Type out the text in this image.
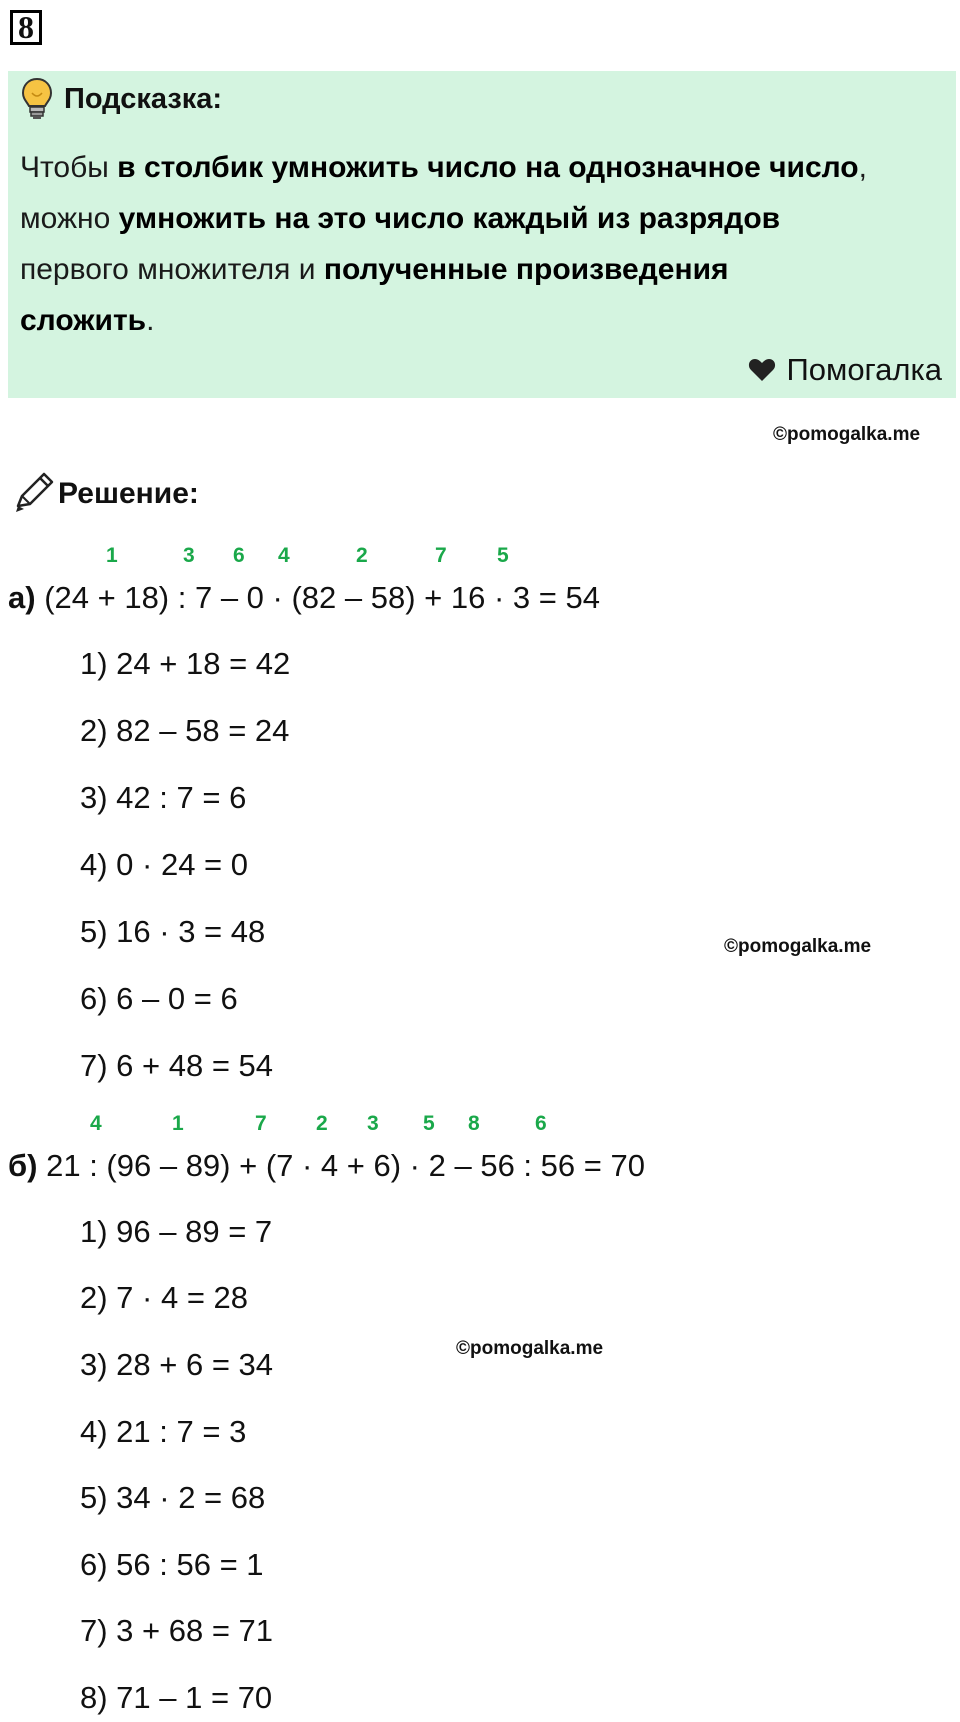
8
Подсказка:
Чтобы в столбик умножить число на однозначное число,
можно умножить на это число каждый из разрядов
первого множителя и полученные произведения
сложить.
Помогалка
©pomogalka.me
Решение:
1	3 6 4	2	7 5
а) (24 + 18) : 7 – 0 · (82 – 58) + 16 · 3 = 54
1) 24 + 18 = 42
2) 82 – 58 = 24
3) 42 : 7 = 6
4) 0 · 24 = 0
5) 16 · 3 = 48
6) 6 – 0 = 6
7) 6 + 48 = 54
©pomogalka.me
4	1	7 2 3 5 8	6
б) 21 : (96 – 89) + (7 · 4 + 6) · 2 – 56 : 56 = 70
1) 96 – 89 = 7
2) 7 · 4 = 28
3) 28 + 6 = 34
4) 21 : 7 = 3
5) 34 · 2 = 68
6) 56 : 56 = 1
7) 3 + 68 = 71
8) 71 – 1 = 70
©pomogalka.me
